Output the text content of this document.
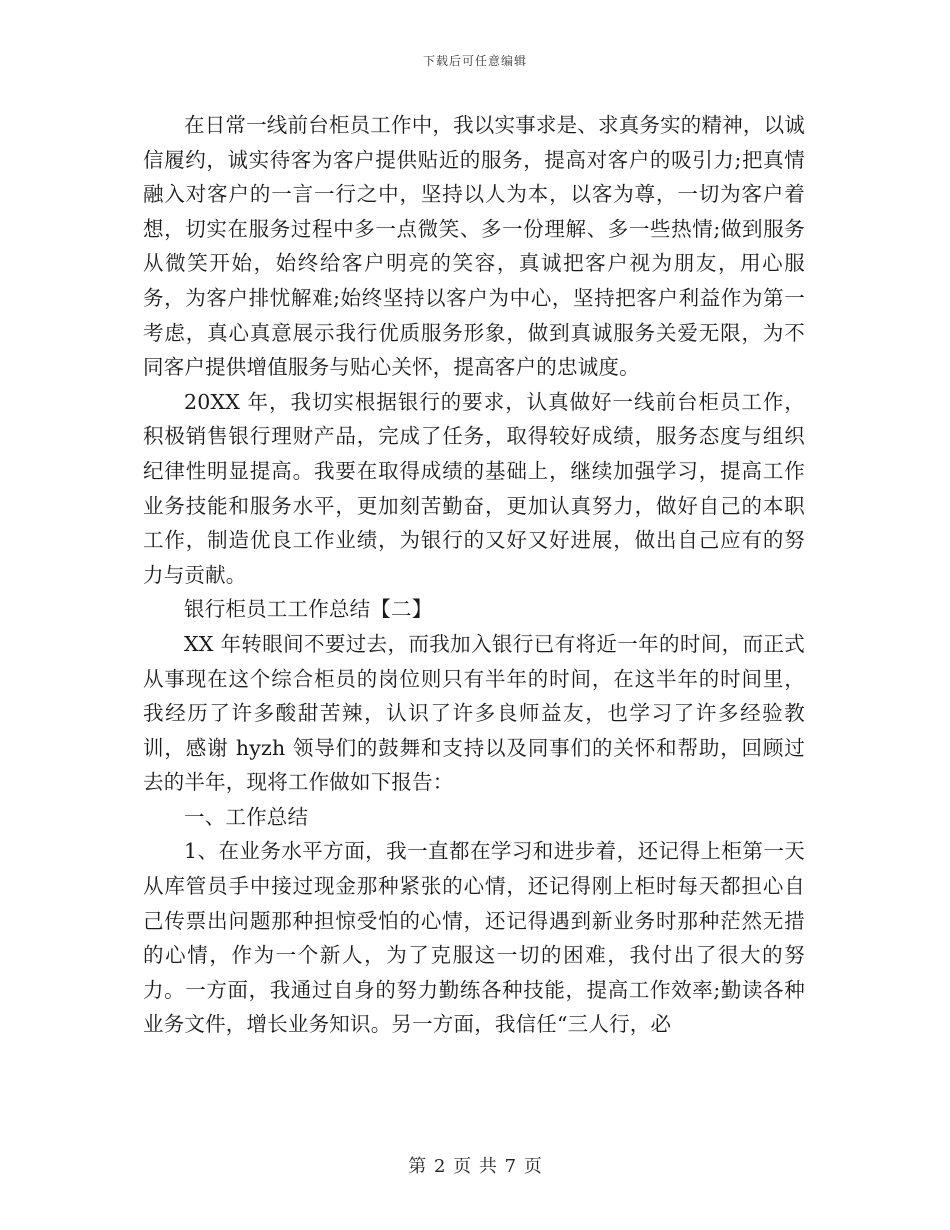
下载后可任意编辑

在日常一线前台柜员工作中，我以实事求是、求真务实的精神，以诚信履约，诚实待客为客户提供贴近的服务，提高对客户的吸引力;把真情融入对客户的一言一行之中，坚持以人为本，以客为尊，一切为客户着想，切实在服务过程中多一点微笑、多一份理解、多一些热情;做到服务从微笑开始，始终给客户明亮的笑容，真诚把客户视为朋友，用心服务，为客户排忧解难;始终坚持以客户为中心，坚持把客户利益作为第一考虑，真心真意展示我行优质服务形象，做到真诚服务关爱无限，为不同客户提供增值服务与贴心关怀，提高客户的忠诚度。

20XX 年，我切实根据银行的要求，认真做好一线前台柜员工作，积极销售银行理财产品，完成了任务，取得较好成绩，服务态度与组织纪律性明显提高。我要在取得成绩的基础上，继续加强学习，提高工作业务技能和服务水平，更加刻苦勤奋，更加认真努力，做好自己的本职工作，制造优良工作业绩，为银行的又好又好进展，做出自己应有的努力与贡献。

银行柜员工工作总结【二】

XX 年转眼间不要过去，而我加入银行已有将近一年的时间，而正式从事现在这个综合柜员的岗位则只有半年的时间，在这半年的时间里，我经历了许多酸甜苦辣，认识了许多良师益友，也学习了许多经验教训，感谢 hyzh 领导们的鼓舞和支持以及同事们的关怀和帮助，回顾过去的半年，现将工作做如下报告：

一、工作总结

1、在业务水平方面，我一直都在学习和进步着，还记得上柜第一天从库管员手中接过现金那种紧张的心情，还记得刚上柜时每天都担心自己传票出问题那种担惊受怕的心情，还记得遇到新业务时那种茫然无措的心情，作为一个新人，为了克服这一切的困难，我付出了很大的努力。一方面，我通过自身的努力勤练各种技能，提高工作效率;勤读各种业务文件，增长业务知识。另一方面，我信任“三人行，必

第 2 页 共 7 页
